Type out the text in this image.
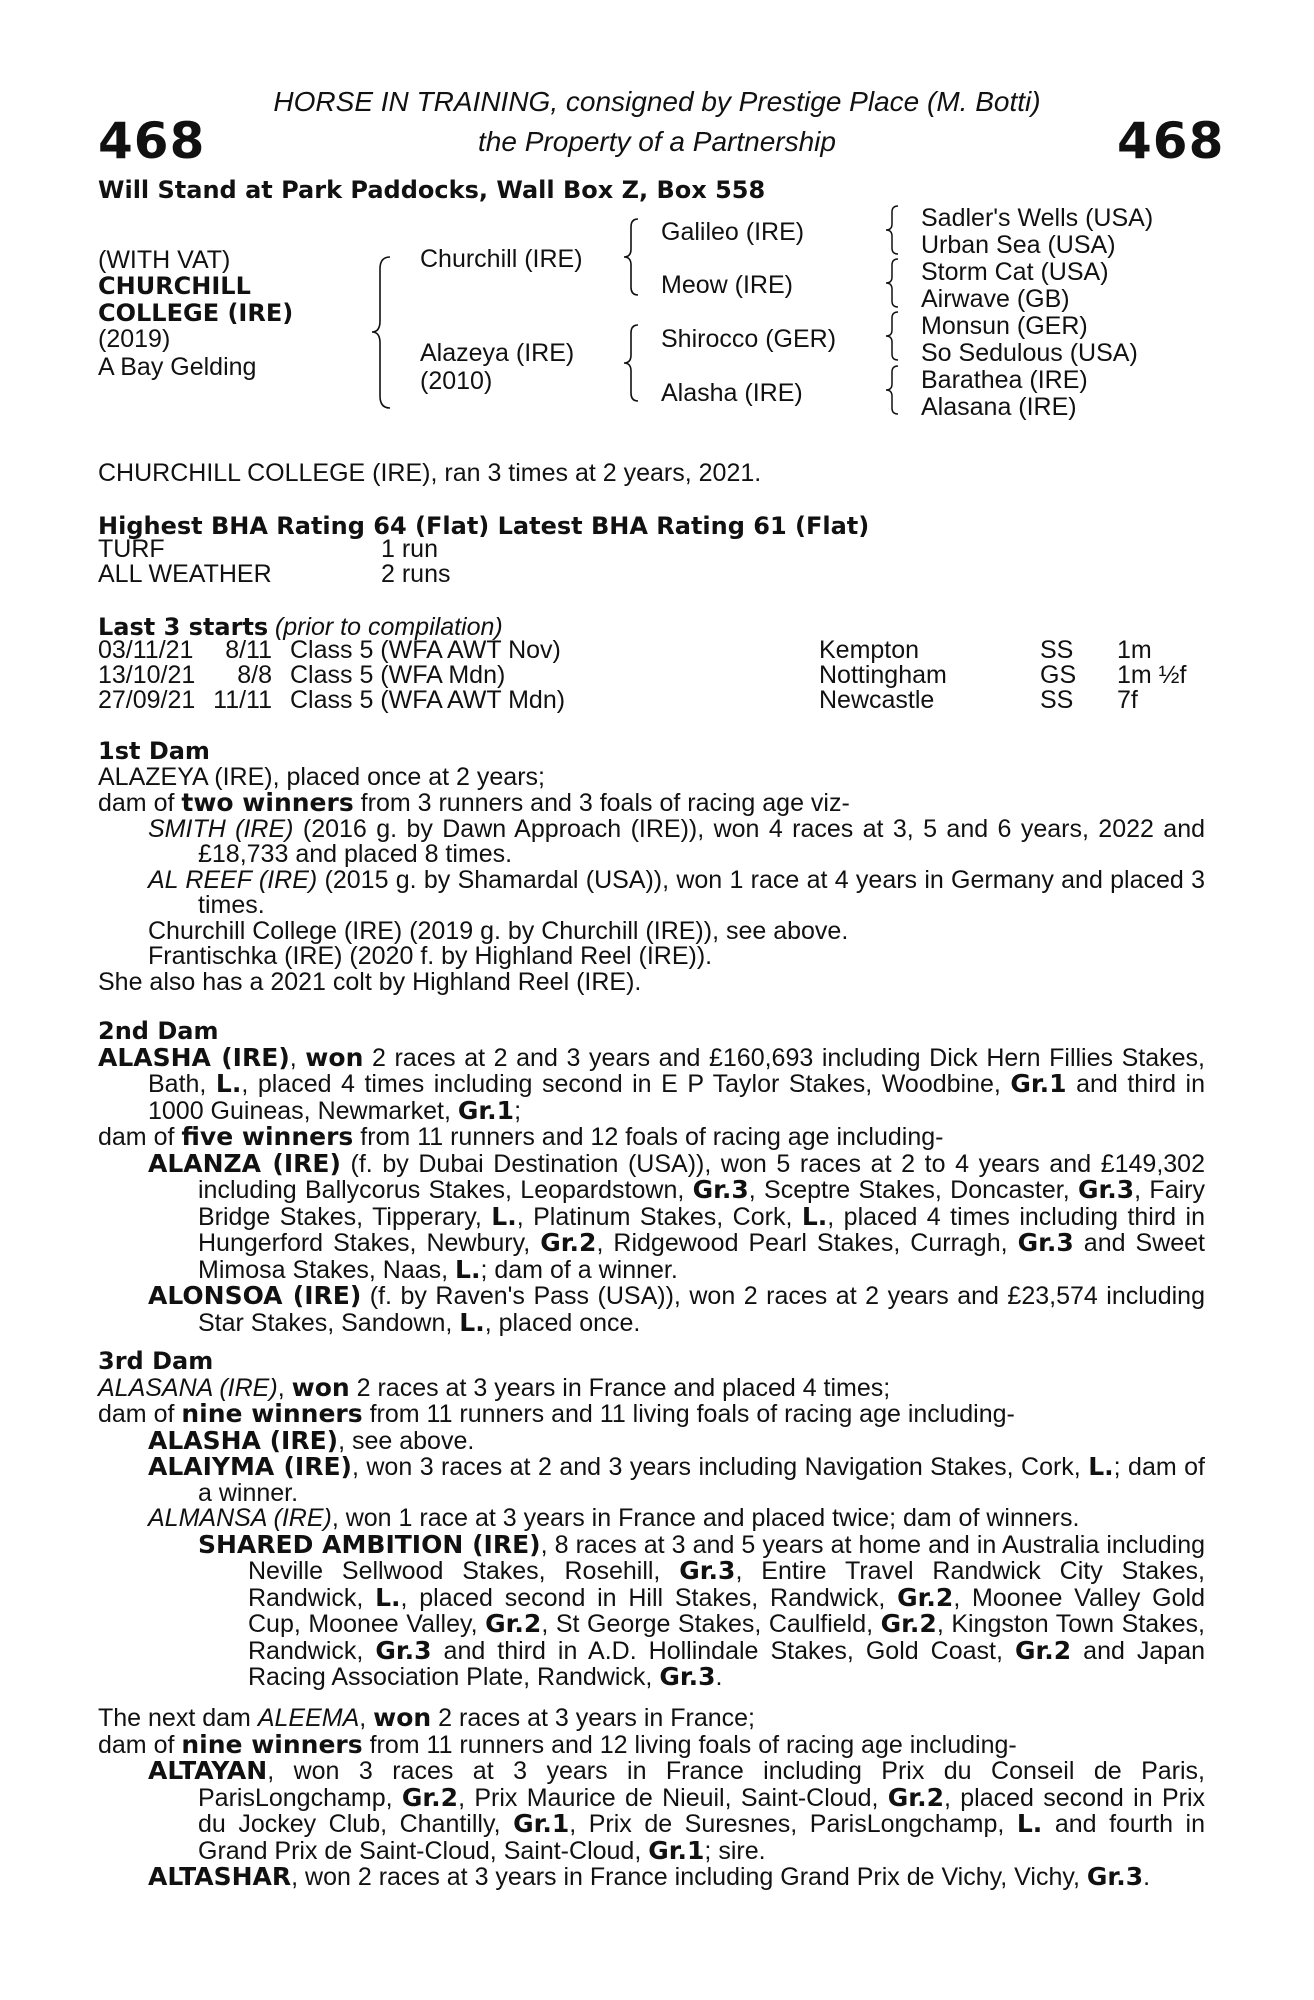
468	468
HORSE IN TRAINING, consigned by Prestige Place (M. Botti)
the Property of a Partnership
Will Stand at Park Paddocks, Wall Box Z, Box 558
(WITH VAT)
CHURCHILL
COLLEGE (IRE)
(2019)
A Bay Gelding
Churchill (IRE)
Alazeya (IRE)
(2010)
Galileo (IRE)
Meow (IRE)
Shirocco (GER)
Alasha (IRE)
Sadler's Wells (USA)
Urban Sea (USA)
Storm Cat (USA)
Airwave (GB)
Monsun (GER)
So Sedulous (USA)
Barathea (IRE)
Alasana (IRE)
CHURCHILL COLLEGE (IRE), ran 3 times at 2 years, 2021.
Highest BHA Rating 64 (Flat) Latest BHA Rating 61 (Flat)
TURF	1 run
ALL WEATHER	2 runs
Last 3 starts (prior to compilation)
03/11/21	8/11 Class 5 (WFA AWT Nov)	Kempton	SS 1m
13/10/21	8/8 Class 5 (WFA Mdn)	Nottingham	GS 1m ½f
27/09/21 11/11 Class 5 (WFA AWT Mdn)	Newcastle	SS 7f

1st Dam

ALAZEYA (IRE), placed once at 2 years;

dam of two winners from 3 runners and 3 foals of racing age viz-

SMITH (IRE) (2016 g. by Dawn Approach (IRE)), won 4 races at 3, 5 and 6 years, 2022 and £18,733 and placed 8 times.

AL REEF (IRE) (2015 g. by Shamardal (USA)), won 1 race at 4 years in Germany and placed 3 times.

Churchill College (IRE) (2019 g. by Churchill (IRE)), see above.

Frantischka (IRE) (2020 f. by Highland Reel (IRE)).

She also has a 2021 colt by Highland Reel (IRE).

2nd Dam

ALASHA (IRE), won 2 races at 2 and 3 years and £160,693 including Dick Hern Fillies Stakes, Bath, L., placed 4 times including second in E P Taylor Stakes, Woodbine, Gr.1 and third in 1000 Guineas, Newmarket, Gr.1;

dam of five winners from 11 runners and 12 foals of racing age including-

ALANZA (IRE) (f. by Dubai Destination (USA)), won 5 races at 2 to 4 years and £149,302 including Ballycorus Stakes, Leopardstown, Gr.3, Sceptre Stakes, Doncaster, Gr.3, Fairy Bridge Stakes, Tipperary, L., Platinum Stakes, Cork, L., placed 4 times including third in Hungerford Stakes, Newbury, Gr.2, Ridgewood Pearl Stakes, Curragh, Gr.3 and Sweet Mimosa Stakes, Naas, L.; dam of a winner.

ALONSOA (IRE) (f. by Raven's Pass (USA)), won 2 races at 2 years and £23,574 including Star Stakes, Sandown, L., placed once.

3rd Dam

ALASANA (IRE), won 2 races at 3 years in France and placed 4 times;

dam of nine winners from 11 runners and 11 living foals of racing age including-

ALASHA (IRE), see above.

ALAIYMA (IRE), won 3 races at 2 and 3 years including Navigation Stakes, Cork, L.; dam of a winner.

ALMANSA (IRE), won 1 race at 3 years in France and placed twice; dam of winners.

SHARED AMBITION (IRE), 8 races at 3 and 5 years at home and in Australia including Neville Sellwood Stakes, Rosehill, Gr.3, Entire Travel Randwick City Stakes, Randwick, L., placed second in Hill Stakes, Randwick, Gr.2, Moonee Valley Gold Cup, Moonee Valley, Gr.2, St George Stakes, Caulfield, Gr.2, Kingston Town Stakes, Randwick, Gr.3 and third in A.D. Hollindale Stakes, Gold Coast, Gr.2 and Japan Racing Association Plate, Randwick, Gr.3.

The next dam ALEEMA, won 2 races at 3 years in France;

dam of nine winners from 11 runners and 12 living foals of racing age including-

ALTAYAN, won 3 races at 3 years in France including Prix du Conseil de Paris, ParisLongchamp, Gr.2, Prix Maurice de Nieuil, Saint-Cloud, Gr.2, placed second in Prix du Jockey Club, Chantilly, Gr.1, Prix de Suresnes, ParisLongchamp, L. and fourth in Grand Prix de Saint-Cloud, Saint-Cloud, Gr.1; sire.

ALTASHAR, won 2 races at 3 years in France including Grand Prix de Vichy, Vichy, Gr.3.
